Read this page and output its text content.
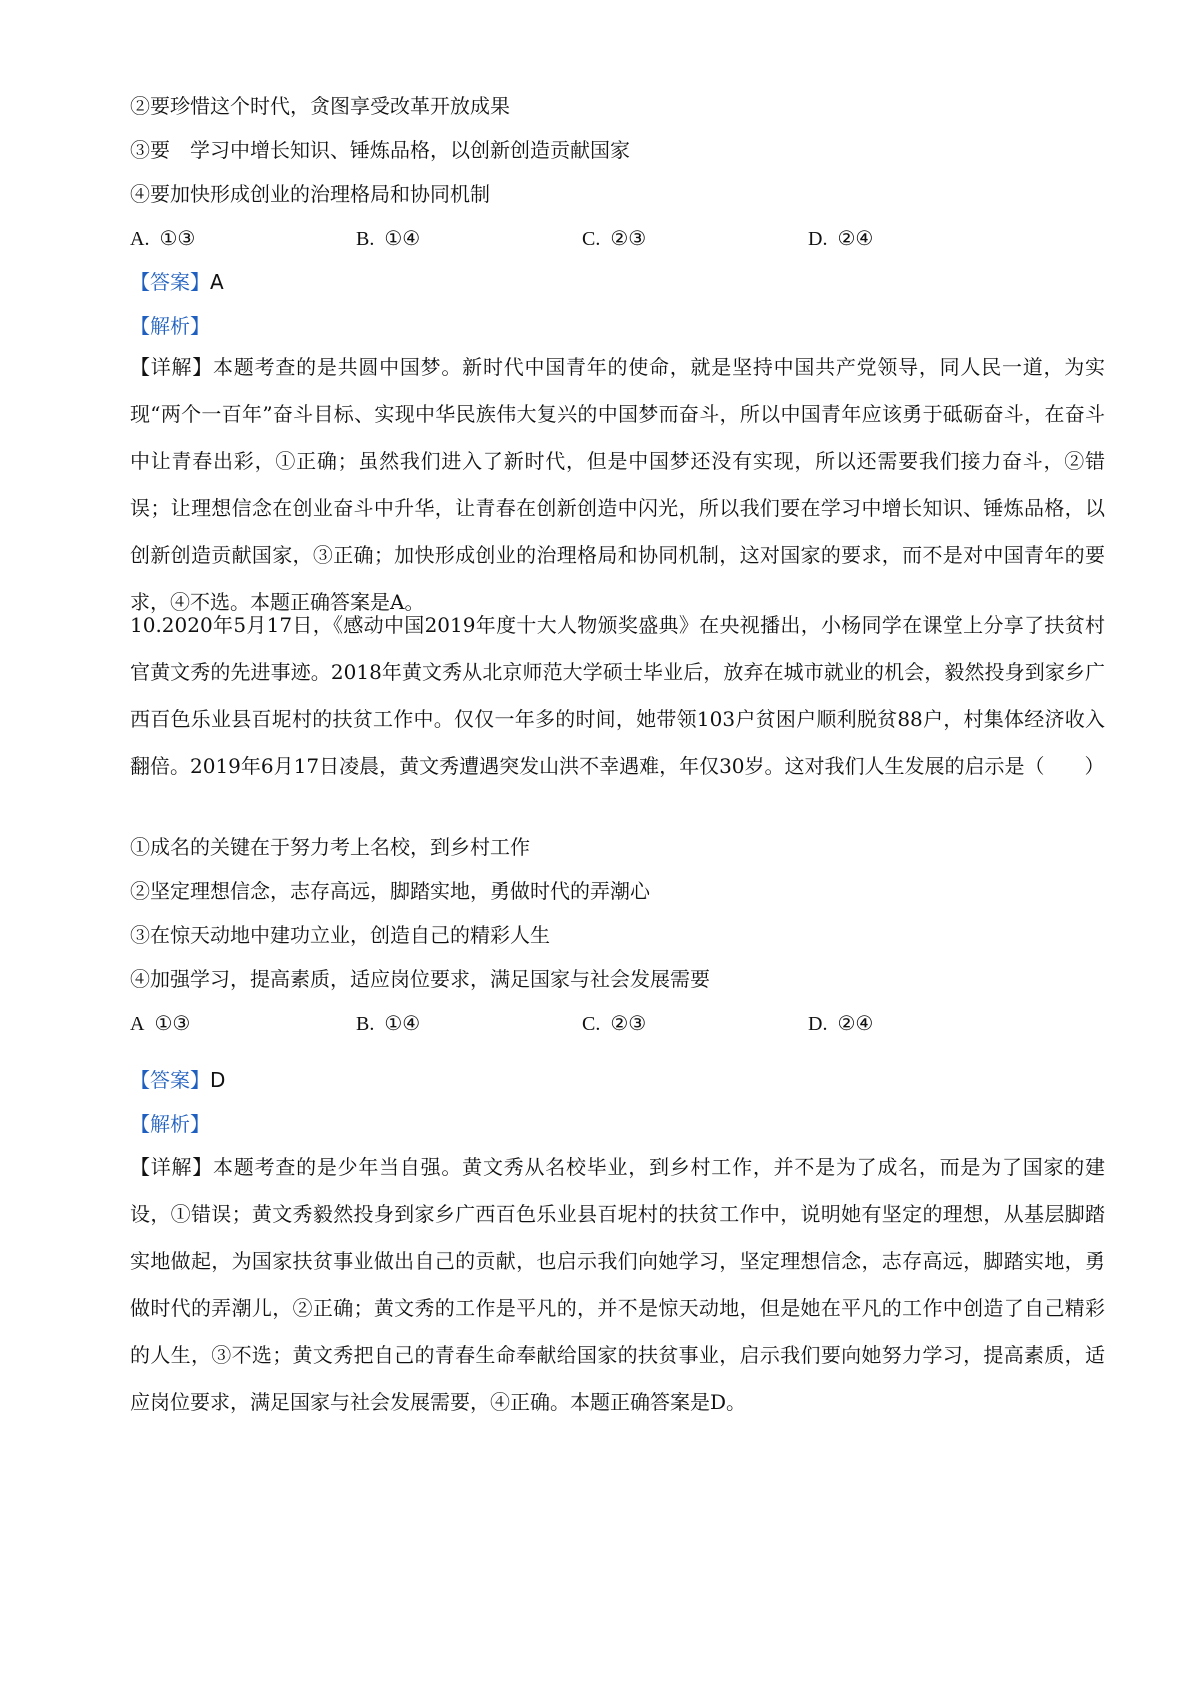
②要珍惜这个时代，贪图享受改革开放成果
③要　学习中增长知识、锤炼品格，以创新创造贡献国家
④要加快形成创业的治理格局和协同机制
A. ①③	B. ①④	C. ②③	D. ②④
【答案】A
【解析】
【详解】本题考查的是共圆中国梦。新时代中国青年的使命，就是坚持中国共产党领导，同人民一道，为实现“两个一百年”奋斗目标、实现中华民族伟大复兴的中国梦而奋斗，所以中国青年应该勇于砥砺奋斗，在奋斗中让青春出彩，①正确；虽然我们进入了新时代，但是中国梦还没有实现，所以还需要我们接力奋斗，②错误；让理想信念在创业奋斗中升华，让青春在创新创造中闪光，所以我们要在学习中增长知识、锤炼品格，以创新创造贡献国家，③正确；加快形成创业的治理格局和协同机制，这对国家的要求，而不是对中国青年的要求，④不选。本题正确答案是A。
10.2020年5月17日，《感动中国2019年度十大人物颁奖盛典》在央视播出，小杨同学在课堂上分享了扶贫村官黄文秀的先进事迹。2018年黄文秀从北京师范大学硕士毕业后，放弃在城市就业的机会，毅然投身到家乡广西百色乐业县百坭村的扶贫工作中。仅仅一年多的时间，她带领103户贫困户顺利脱贫88户，村集体经济收入翻倍。2019年6月17日凌晨，黄文秀遭遇突发山洪不幸遇难，年仅30岁。这对我们人生发展的启示是（　　）
①成名的关键在于努力考上名校，到乡村工作
②坚定理想信念，志存高远，脚踏实地，勇做时代的弄潮心
③在惊天动地中建功立业，创造自己的精彩人生
④加强学习，提高素质，适应岗位要求，满足国家与社会发展需要
A ①③	B. ①④	C. ②③	D. ②④
【答案】D
【解析】
【详解】本题考查的是少年当自强。黄文秀从名校毕业，到乡村工作，并不是为了成名，而是为了国家的建设，①错误；黄文秀毅然投身到家乡广西百色乐业县百坭村的扶贫工作中，说明她有坚定的理想，从基层脚踏实地做起，为国家扶贫事业做出自己的贡献，也启示我们向她学习，坚定理想信念，志存高远，脚踏实地，勇做时代的弄潮儿，②正确；黄文秀的工作是平凡的，并不是惊天动地，但是她在平凡的工作中创造了自己精彩的人生，③不选；黄文秀把自己的青春生命奉献给国家的扶贫事业，启示我们要向她努力学习，提高素质，适应岗位要求，满足国家与社会发展需要，④正确。本题正确答案是D。
